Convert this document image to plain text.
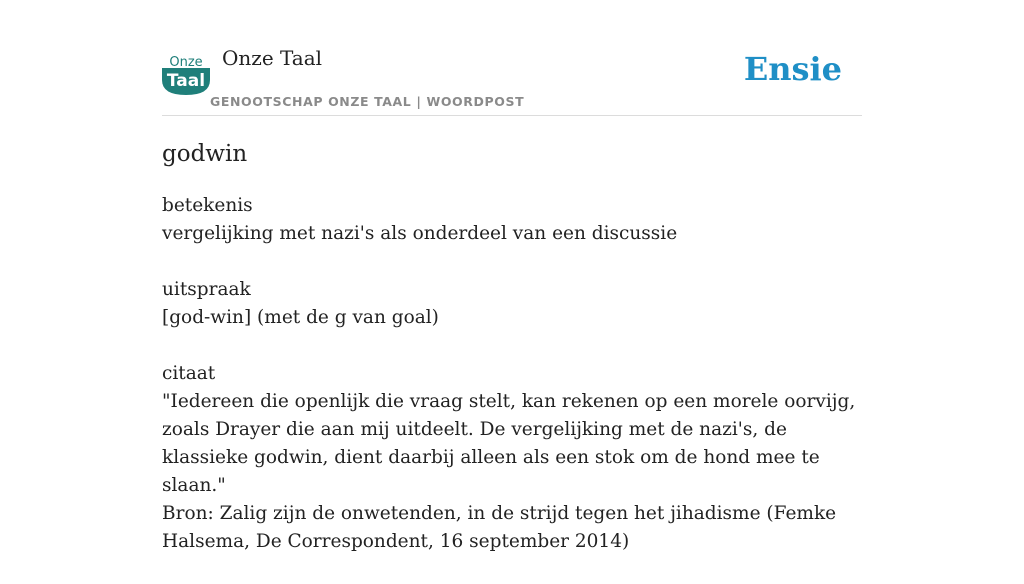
Onze
Taal
Onze Taal
GENOOTSCHAP ONZE TAAL | WOORDPOST
Ensie
godwin

betekenis

vergelijking met nazi's als onderdeel van een discussie

uitspraak

[god-win] (met de g van goal)

citaat

"Iedereen die openlijk die vraag stelt, kan rekenen op een morele oorvijg, zoals Drayer die aan mij uitdeelt. De vergelijking met de nazi's, de klassieke godwin, dient daarbij alleen als een stok om de hond mee te slaan."

Bron: Zalig zijn de onwetenden, in de strijd tegen het jihadisme (Femke Halsema, De Correspondent, 16 september 2014)
